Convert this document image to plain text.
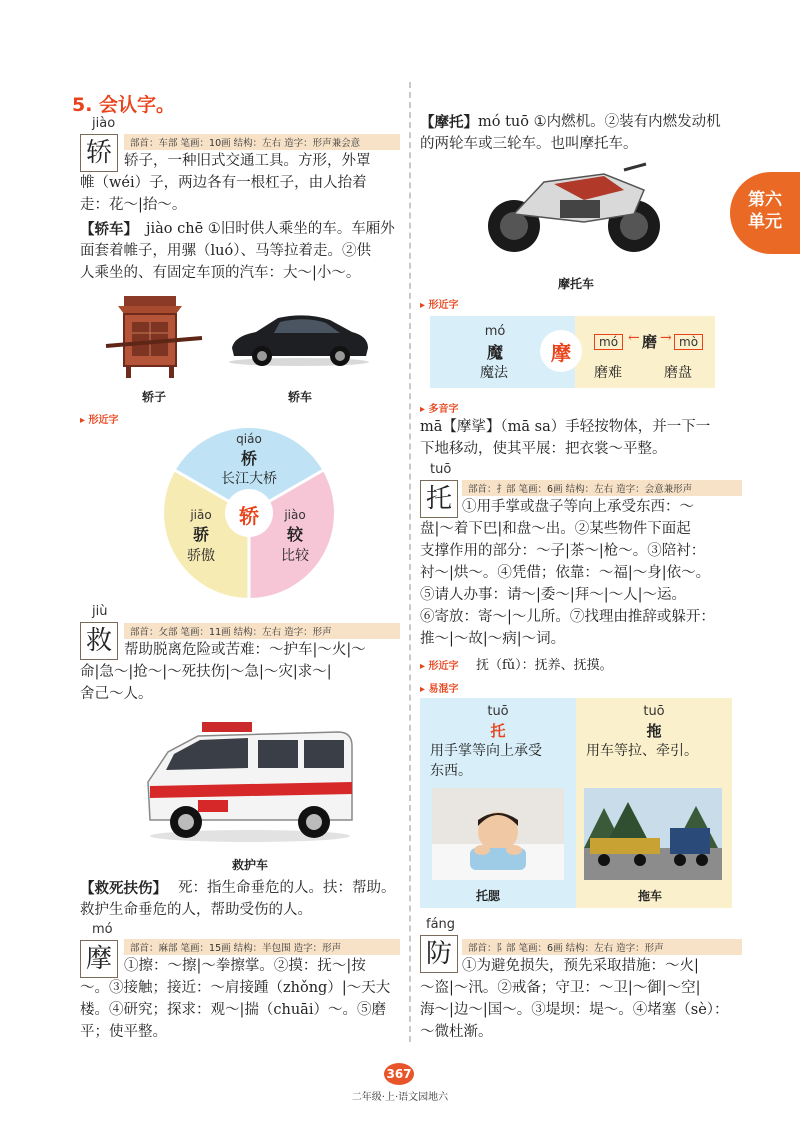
5. 会认字。
jiào
轿	部首：车部 笔画：10画 结构：左右 造字：形声兼会意
轿子，一种旧式交通工具。方形，外罩
帷（wéi）子，两边各有一根杠子，由人抬着
走：花～|抬～。
【轿车】 jiào chē ①旧时供人乘坐的车。车厢外
面套着帷子，用骡（luó）、马等拉着走。②供
人乘坐的、有固定车顶的汽车：大～|小～。
轿子	轿车
▸ 形近字
轿
qiáo
桥
长江大桥
jiāo
骄
骄傲
jiào
较
比较
jiù
救	部首：攵部 笔画：11画 结构：左右 造字：形声
帮助脱离危险或苦难：～护车|～火|～
命|急～|抢～|～死扶伤|～急|～灾|求～|
舍己～人。
救护车
【救死扶伤】 死：指生命垂危的人。扶：帮助。
救护生命垂危的人，帮助受伤的人。
mó
摩	部首：麻部 笔画：15画 结构：半包围 造字：形声
①擦：～擦|～拳擦掌。②摸：抚～|按
～。③接触；接近：～肩接踵（zhǒng）|～天大
楼。④研究；探求：观～|揣（chuāi）～。⑤磨
平；使平整。
【摩托】 mó tuō ①内燃机。②装有内燃发动机
的两轮车或三轮车。也叫摩托车。
摩托车
▸ 形近字
摩
mó
魔
魔法
mó ← 磨 → mò
磨难	磨盘
▸ 多音字
mā【摩挲】（mā sa）手轻按物体，并一下一
下地移动，使其平展：把衣裳～平整。
tuō
托	部首：扌部 笔画：6画 结构：左右 造字：会意兼形声
①用手掌或盘子等向上承受东西：～
盘|～着下巴|和盘～出。②某些物件下面起
支撑作用的部分：～子|茶～|枪～。③陪衬：
衬～|烘～。④凭借；依靠：～福|～身|依～。
⑤请人办事：请～|委～|拜～|～人|～运。
⑥寄放：寄～|～儿所。⑦找理由推辞或躲开：
推～|～故|～病|～词。
▸ 形近字 抚（fǔ）：抚养、抚摸。
▸ 易混字
tuō
托
用手掌等向上承受
东西。
tuō
拖
用车等拉、牵引。
托腮	拖车
fáng
防	部首：阝部 笔画：6画 结构：左右 造字：形声
①为避免损失，预先采取措施：～火|
～盗|～汛。②戒备；守卫：～卫|～御|～空|
海～|边～|国～。③堤坝：堤～。④堵塞（sè）：
～微杜渐。
第六
单元
367
二年级·上·语文园地六
